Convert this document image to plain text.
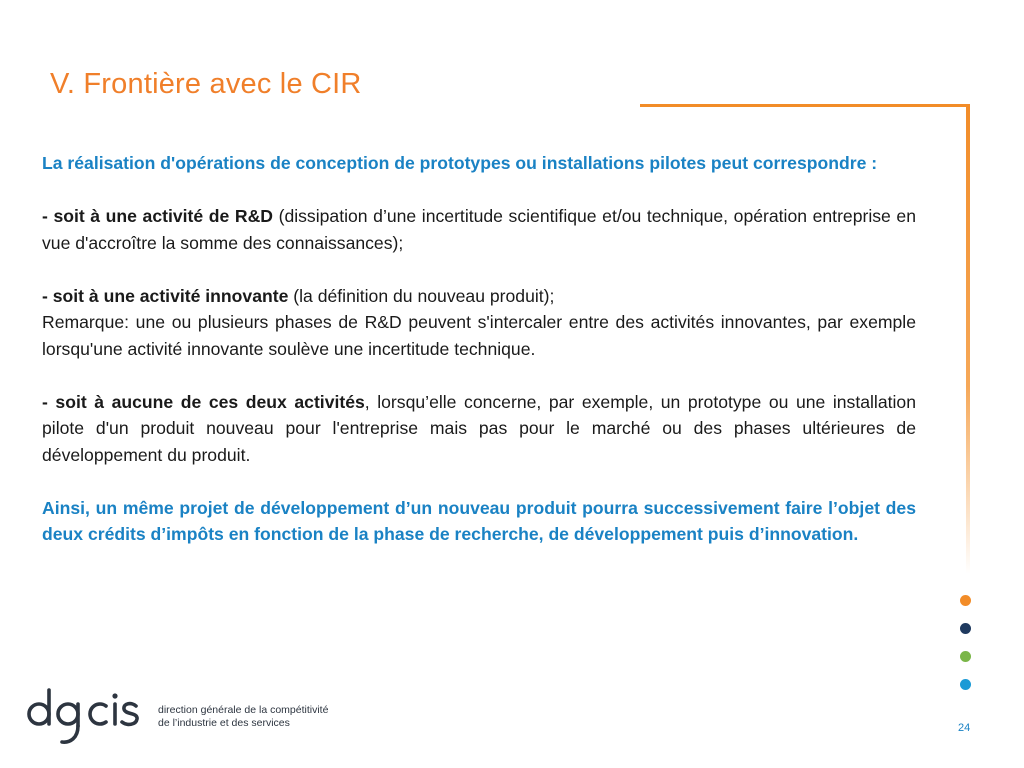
V. Frontière avec le CIR

La réalisation d'opérations de conception de prototypes ou installations pilotes peut correspondre :

- soit à une activité de R&D (dissipation d’une incertitude scientifique et/ou technique, opération entreprise en vue d'accroître la somme des connaissances);

- soit à une activité innovante (la définition du nouveau produit);

Remarque: une ou plusieurs phases de R&D peuvent s'intercaler entre des activités innovantes, par exemple lorsqu'une activité innovante soulève une incertitude technique.

- soit à aucune de ces deux activités, lorsqu’elle concerne, par exemple, un prototype ou une installation pilote d'un produit nouveau pour l'entreprise mais pas pour le marché ou des phases ultérieures de développement du produit.

Ainsi, un même projet de développement d’un nouveau produit pourra successivement faire l’objet des deux crédits d’impôts en fonction de la phase de recherche, de développement puis d’innovation.

direction générale de la compétitivité
de l’industrie et des services	24
